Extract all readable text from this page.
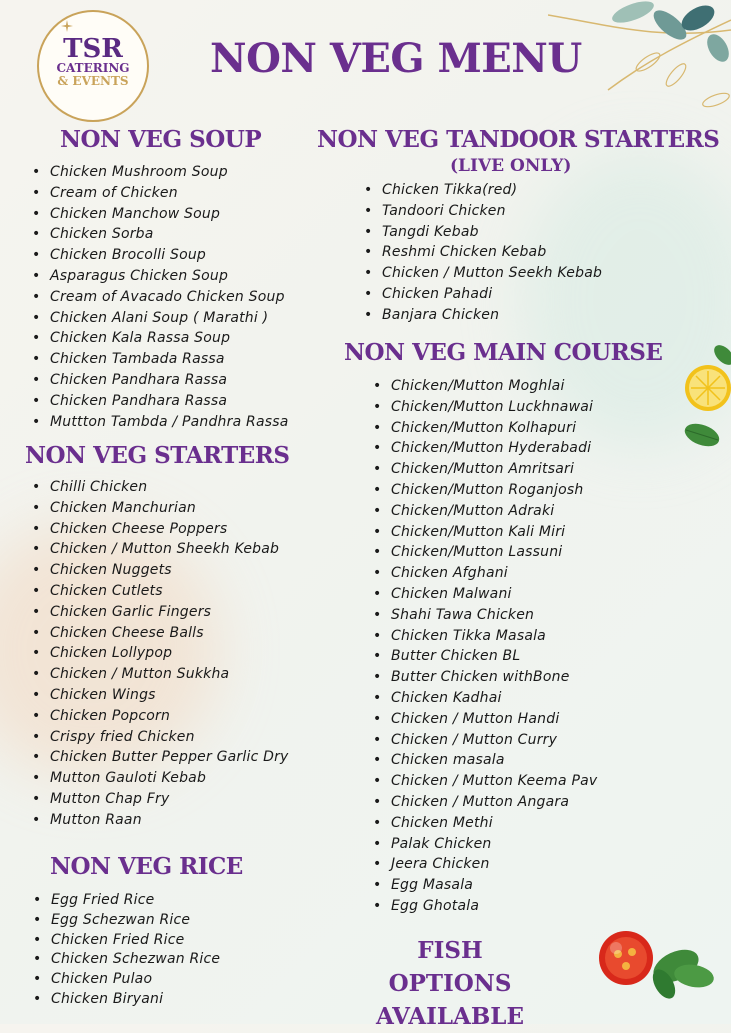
TSR
CATERING
& EVENTS	NON VEG MENU
NON VEG SOUP
• Chicken Mushroom Soup
• Cream of Chicken
• Chicken Manchow Soup
• Chicken Sorba
• Chicken Brocolli Soup
• Asparagus Chicken Soup
• Cream of Avacado Chicken Soup
• Chicken Alani Soup ( Marathi )
• Chicken Kala Rassa Soup
• Chicken Tambada Rassa
• Chicken Pandhara Rassa
• Chicken Pandhara Rassa
• Muttton Tambda / Pandhra Rassa
NON VEG STARTERS
• Chilli Chicken
• Chicken Manchurian
• Chicken Cheese Poppers
• Chicken / Mutton Sheekh Kebab
• Chicken Nuggets
• Chicken Cutlets
• Chicken Garlic Fingers
• Chicken Cheese Balls
• Chicken Lollypop
• Chicken / Mutton Sukkha
• Chicken Wings
• Chicken Popcorn
• Crispy fried Chicken
• Chicken Butter Pepper Garlic Dry
• Mutton Gauloti Kebab
• Mutton Chap Fry
• Mutton Raan
NON VEG RICE
• Egg Fried Rice
• Egg Schezwan Rice
• Chicken Fried Rice
• Chicken Schezwan Rice
• Chicken Pulao
• Chicken Biryani
NON VEG TANDOOR STARTERS
(LIVE ONLY)
• Chicken Tikka(red)
• Tandoori Chicken
• Tangdi Kebab
• Reshmi Chicken Kebab
• Chicken / Mutton Seekh Kebab
• Chicken Pahadi
• Banjara Chicken
NON VEG MAIN COURSE
• Chicken/Mutton Moghlai
• Chicken/Mutton Luckhnawai
• Chicken/Mutton Kolhapuri
• Chicken/Mutton Hyderabadi
• Chicken/Mutton Amritsari
• Chicken/Mutton Roganjosh
• Chicken/Mutton Adraki
• Chicken/Mutton Kali Miri
• Chicken/Mutton Lassuni
• Chicken Afghani
• Chicken Malwani
• Shahi Tawa Chicken
• Chicken Tikka Masala
• Butter Chicken BL
• Butter Chicken withBone
• Chicken Kadhai
• Chicken / Mutton Handi
• Chicken / Mutton Curry
• Chicken masala
• Chicken / Mutton Keema Pav
• Chicken / Mutton Angara
• Chicken Methi
• Palak Chicken
• Jeera Chicken
• Egg Masala
• Egg Ghotala
FISH OPTIONS
AVAILABLE
